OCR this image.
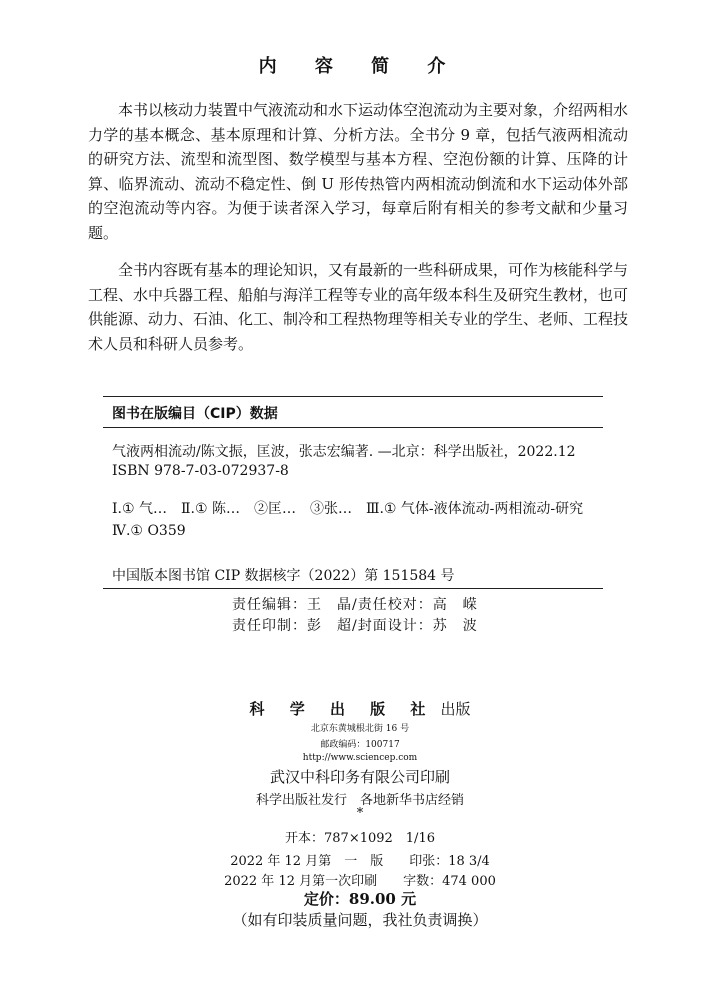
内 容 简 介

本书以核动力装置中气液流动和水下运动体空泡流动为主要对象，介绍两相水力学的基本概念、基本原理和计算、分析方法。全书分 9 章，包括气液两相流动的研究方法、流型和流型图、数学模型与基本方程、空泡份额的计算、压降的计算、临界流动、流动不稳定性、倒 U 形传热管内两相流动倒流和水下运动体外部的空泡流动等内容。为便于读者深入学习，每章后附有相关的参考文献和少量习题。

全书内容既有基本的理论知识，又有最新的一些科研成果，可作为核能科学与工程、水中兵器工程、船舶与海洋工程等专业的高年级本科生及研究生教材，也可供能源、动力、石油、化工、制冷和工程热物理等相关专业的学生、老师、工程技术人员和科研人员参考。

图书在版编目（CIP）数据
气液两相流动/陈文振，匡波，张志宏编著. —北京：科学出版社，2022.12
ISBN 978-7-03-072937-8
Ⅰ.① 气…　Ⅱ.① 陈…　②匡…　③张…　Ⅲ.① 气体-液体流动-两相流动-研究　Ⅳ.① O359
中国版本图书馆 CIP 数据核字（2022）第 151584 号
责任编辑：王　晶/责任校对：高　嵘
责任印制：彭　超/封面设计：苏　波
科 学 出 版 社 出版
北京东黄城根北街 16 号
邮政编码：100717
http://www.sciencep.com
武汉中科印务有限公司印刷
科学出版社发行　各地新华书店经销
*
开本：787×1092　1/16
2022 年 12 月第　一　版　　印张：18 3/4
2022 年 12 月第一次印刷　　字数：474 000
定价：89.00 元
（如有印装质量问题，我社负责调换）
